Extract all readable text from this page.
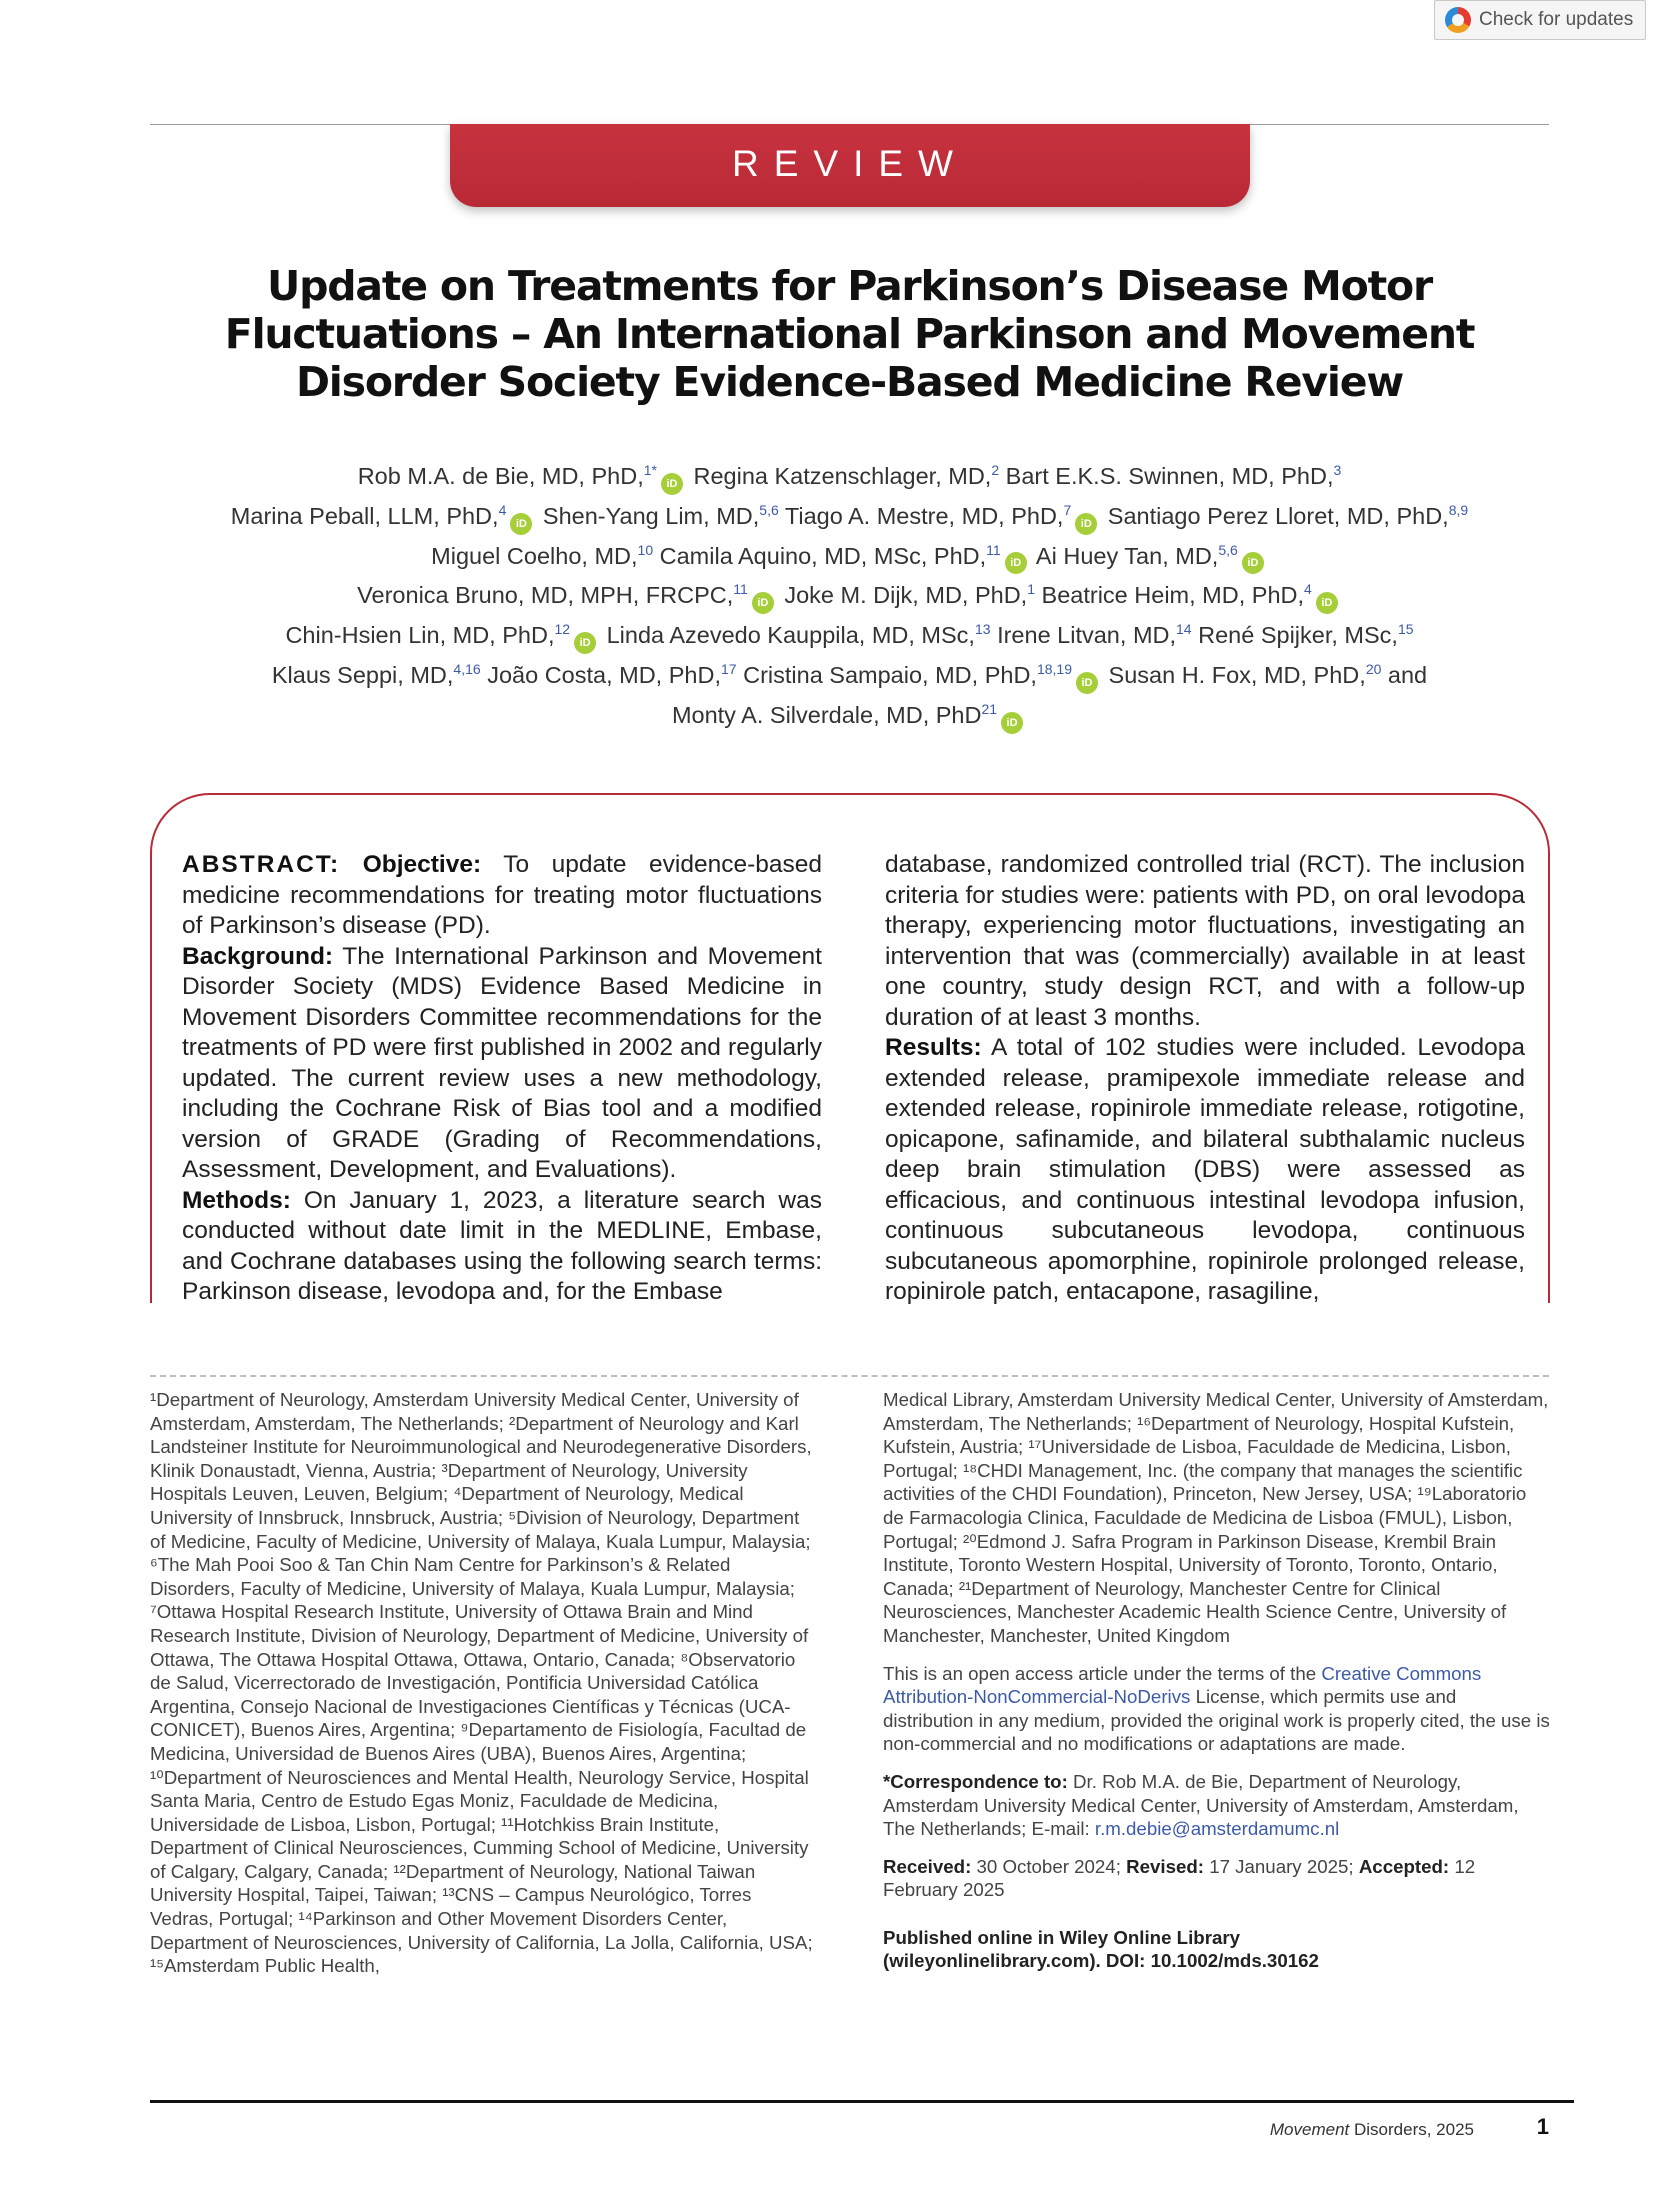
Check for updates
REVIEW
Update on Treatments for Parkinson’s Disease Motor Fluctuations – An International Parkinson and Movement Disorder Society Evidence-Based Medicine Review
Rob M.A. de Bie, MD, PhD,$^{1*}$iD Regina Katzenschlager, MD,$^2$ Bart E.K.S. Swinnen, MD, PhD,$^3$
Marina Peball, LLM, PhD,$^4$iD Shen-Yang Lim, MD,$^{5,6}$ Tiago A. Mestre, MD, PhD,$^7$iD Santiago Perez Lloret, MD, PhD,$^{8,9}$
Miguel Coelho, MD,$^{10}$ Camila Aquino, MD, MSc, PhD,$^{11}$iD Ai Huey Tan, MD,$^{5,6}$iD
Veronica Bruno, MD, MPH, FRCPC,$^{11}$iD Joke M. Dijk, MD, PhD,$^1$ Beatrice Heim, MD, PhD,$^4$iD
Chin-Hsien Lin, MD, PhD,$^{12}$iD Linda Azevedo Kauppila, MD, MSc,$^{13}$ Irene Litvan, MD,$^{14}$ René Spijker, MSc,$^{15}$
Klaus Seppi, MD,$^{4,16}$ João Costa, MD, PhD,$^{17}$ Cristina Sampaio, MD, PhD,$^{18,19}$iD Susan H. Fox, MD, PhD,$^{20}$ and
Monty A. Silverdale, MD, PhD$^{21}$iD

ABSTRACT: Objective: To update evidence-based medicine recommendations for treating motor fluctuations of Parkinson’s disease (PD).

Background: The International Parkinson and Movement Disorder Society (MDS) Evidence Based Medicine in Movement Disorders Committee recommendations for the treatments of PD were first published in 2002 and regularly updated. The current review uses a new methodology, including the Cochrane Risk of Bias tool and a modified version of GRADE (Grading of Recommendations, Assessment, Development, and Evaluations).

Methods: On January 1, 2023, a literature search was conducted without date limit in the MEDLINE, Embase, and Cochrane databases using the following search terms: Parkinson disease, levodopa and, for the Embase

database, randomized controlled trial (RCT). The inclusion criteria for studies were: patients with PD, on oral levodopa therapy, experiencing motor fluctuations, investigating an intervention that was (commercially) available in at least one country, study design RCT, and with a follow-up duration of at least 3 months.

Results: A total of 102 studies were included. Levodopa extended release, pramipexole immediate release and extended release, ropinirole immediate release, rotigotine, opicapone, safinamide, and bilateral subthalamic nucleus deep brain stimulation (DBS) were assessed as efficacious, and continuous intestinal levodopa infusion, continuous subcutaneous levodopa, continuous subcutaneous apomorphine, ropinirole prolonged release, ropinirole patch, entacapone, rasagiline,

¹Department of Neurology, Amsterdam University Medical Center, University of Amsterdam, Amsterdam, The Netherlands; ²Department of Neurology and Karl Landsteiner Institute for Neuroimmunological and Neurodegenerative Disorders, Klinik Donaustadt, Vienna, Austria; ³Department of Neurology, University Hospitals Leuven, Leuven, Belgium; ⁴Department of Neurology, Medical University of Innsbruck, Innsbruck, Austria; ⁵Division of Neurology, Department of Medicine, Faculty of Medicine, University of Malaya, Kuala Lumpur, Malaysia; ⁶The Mah Pooi Soo & Tan Chin Nam Centre for Parkinson’s & Related Disorders, Faculty of Medicine, University of Malaya, Kuala Lumpur, Malaysia; ⁷Ottawa Hospital Research Institute, University of Ottawa Brain and Mind Research Institute, Division of Neurology, Department of Medicine, University of Ottawa, The Ottawa Hospital Ottawa, Ottawa, Ontario, Canada; ⁸Observatorio de Salud, Vicerrectorado de Investigación, Pontificia Universidad Católica Argentina, Consejo Nacional de Investigaciones Científicas y Técnicas (UCA-CONICET), Buenos Aires, Argentina; ⁹Departamento de Fisiología, Facultad de Medicina, Universidad de Buenos Aires (UBA), Buenos Aires, Argentina; ¹⁰Department of Neurosciences and Mental Health, Neurology Service, Hospital Santa Maria, Centro de Estudo Egas Moniz, Faculdade de Medicina, Universidade de Lisboa, Lisbon, Portugal; ¹¹Hotchkiss Brain Institute, Department of Clinical Neurosciences, Cumming School of Medicine, University of Calgary, Calgary, Canada; ¹²Department of Neurology, National Taiwan University Hospital, Taipei, Taiwan; ¹³CNS – Campus Neurológico, Torres Vedras, Portugal; ¹⁴Parkinson and Other Movement Disorders Center, Department of Neurosciences, University of California, La Jolla, California, USA; ¹⁵Amsterdam Public Health,

Medical Library, Amsterdam University Medical Center, University of Amsterdam, Amsterdam, The Netherlands; ¹⁶Department of Neurology, Hospital Kufstein, Kufstein, Austria; ¹⁷Universidade de Lisboa, Faculdade de Medicina, Lisbon, Portugal; ¹⁸CHDI Management, Inc. (the company that manages the scientific activities of the CHDI Foundation), Princeton, New Jersey, USA; ¹⁹Laboratorio de Farmacologia Clinica, Faculdade de Medicina de Lisboa (FMUL), Lisbon, Portugal; ²⁰Edmond J. Safra Program in Parkinson Disease, Krembil Brain Institute, Toronto Western Hospital, University of Toronto, Toronto, Ontario, Canada; ²¹Department of Neurology, Manchester Centre for Clinical Neurosciences, Manchester Academic Health Science Centre, University of Manchester, Manchester, United Kingdom

This is an open access article under the terms of the Creative Commons Attribution-NonCommercial-NoDerivs License, which permits use and distribution in any medium, provided the original work is properly cited, the use is non-commercial and no modifications or adaptations are made.

*Correspondence to: Dr. Rob M.A. de Bie, Department of Neurology, Amsterdam University Medical Center, University of Amsterdam, Amsterdam, The Netherlands; E-mail: r.m.debie@amsterdamumc.nl

Received: 30 October 2024; Revised: 17 January 2025; Accepted: 12 February 2025

Published online in Wiley Online Library
(wileyonlinelibrary.com). DOI: 10.1002/mds.30162

Movement Disorders, 2025	1
